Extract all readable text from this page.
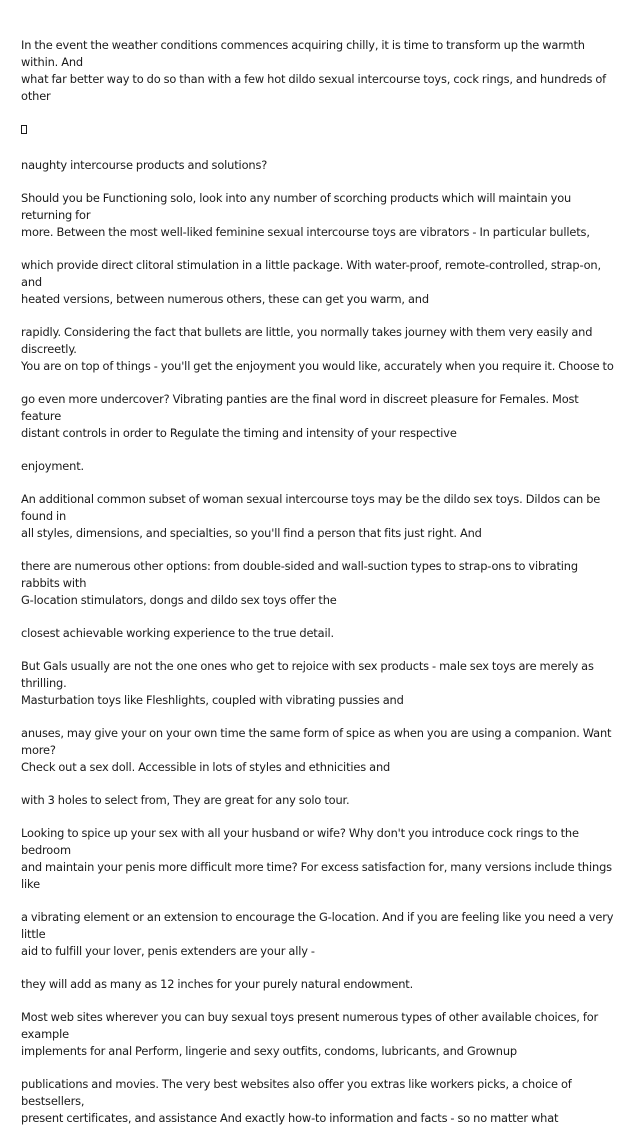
In the event the weather conditions commences acquiring chilly, it is time to transform up the warmth within. And
what far better way to do so than with a few hot dildo sexual intercourse toys, cock rings, and hundreds of other

naughty intercourse products and solutions?

Should you be Functioning solo, look into any number of scorching products which will maintain you returning for
more. Between the most well-liked feminine sexual intercourse toys are vibrators - In particular bullets,

which provide direct clitoral stimulation in a little package. With water-proof, remote-controlled, strap-on, and
heated versions, between numerous others, these can get you warm, and

rapidly. Considering the fact that bullets are little, you normally takes journey with them very easily and discreetly.
You are on top of things - you'll get the enjoyment you would like, accurately when you require it. Choose to

go even more undercover? Vibrating panties are the final word in discreet pleasure for Females. Most feature
distant controls in order to Regulate the timing and intensity of your respective

enjoyment.

An additional common subset of woman sexual intercourse toys may be the dildo sex toys. Dildos can be found in
all styles, dimensions, and specialties, so you'll find a person that fits just right. And

there are numerous other options: from double-sided and wall-suction types to strap-ons to vibrating rabbits with
G-location stimulators, dongs and dildo sex toys offer the

closest achievable working experience to the true detail.

But Gals usually are not the one ones who get to rejoice with sex products - male sex toys are merely as thrilling.
Masturbation toys like Fleshlights, coupled with vibrating pussies and

anuses, may give your on your own time the same form of spice as when you are using a companion. Want more?
Check out a sex doll. Accessible in lots of styles and ethnicities and

with 3 holes to select from, They are great for any solo tour.

Looking to spice up your sex with all your husband or wife? Why don't you introduce cock rings to the bedroom
and maintain your penis more difficult more time? For excess satisfaction for, many versions include things like

a vibrating element or an extension to encourage the G-location. And if you are feeling like you need a very little
aid to fulfill your lover, penis extenders are your ally -

they will add as many as 12 inches for your purely natural endowment.

Most web sites wherever you can buy sexual toys present numerous types of other available choices, for example
implements for anal Perform, lingerie and sexy outfits, condoms, lubricants, and Grownup

publications and movies. The very best websites also offer you extras like workers picks, a choice of bestsellers,
present certificates, and assistance And exactly how-to information and facts - so no matter what
